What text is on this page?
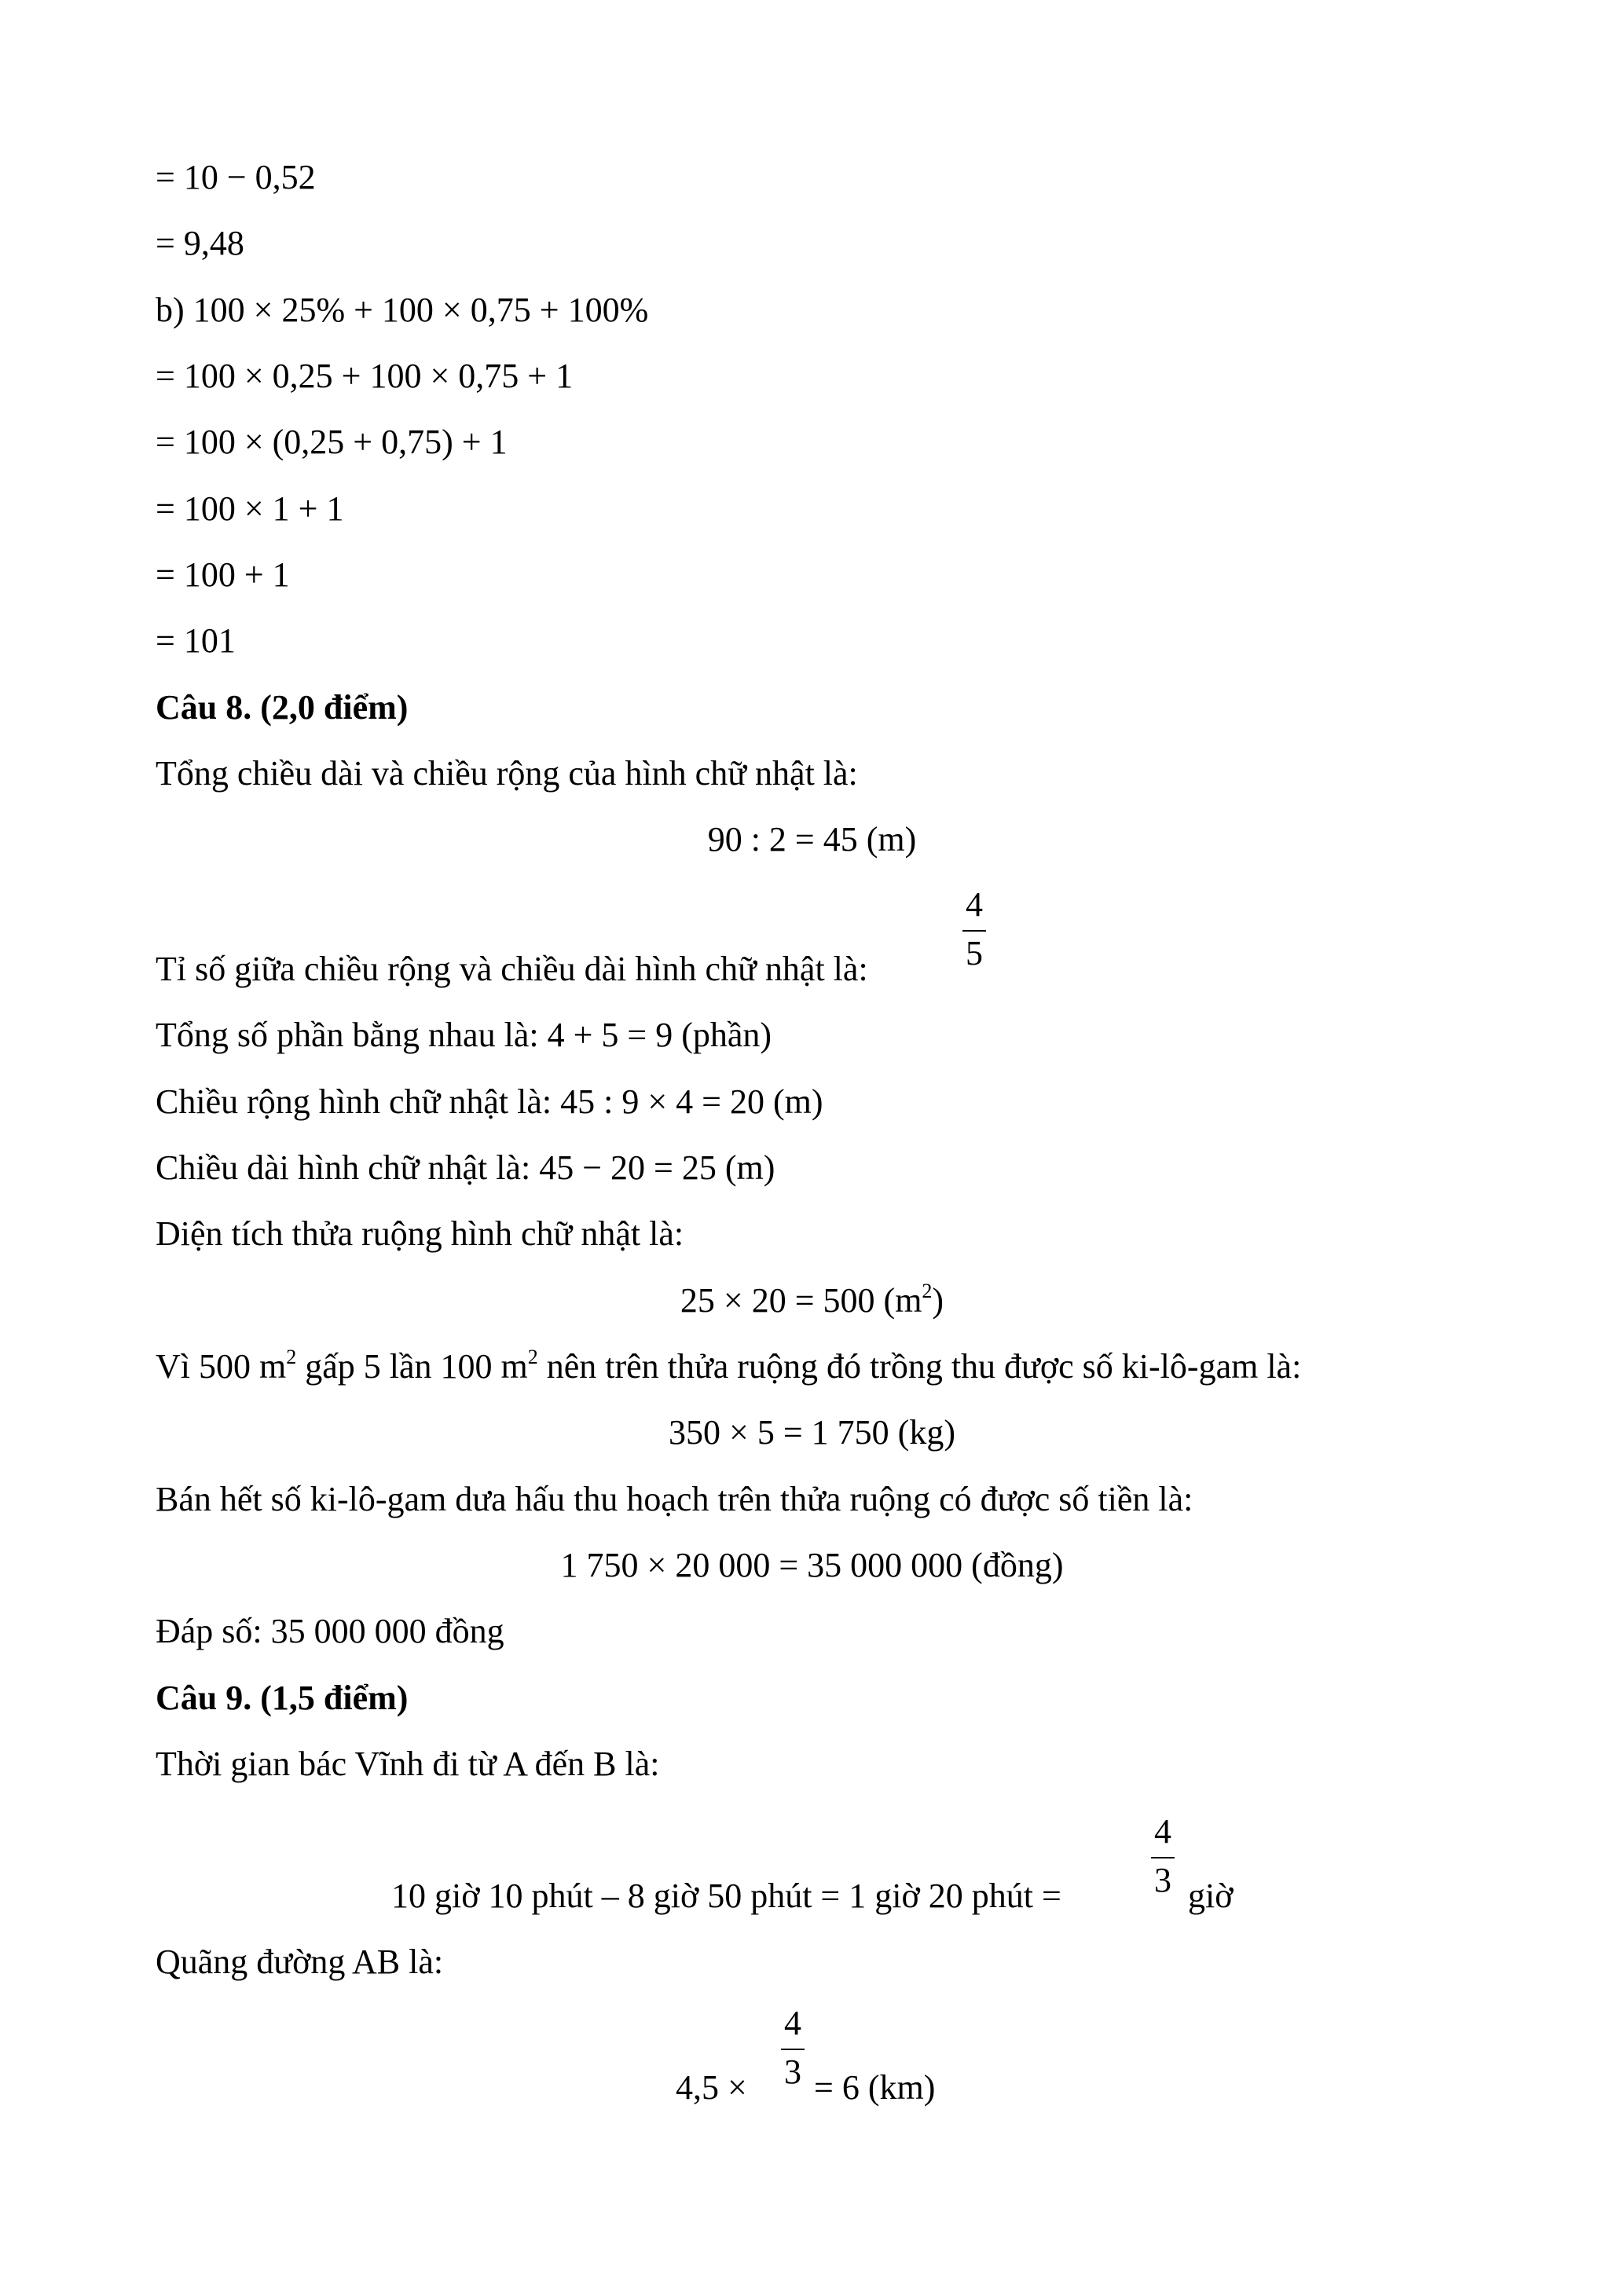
= 10 − 0,52
= 9,48
b) 100 × 25% + 100 × 0,75 + 100%
= 100 × 0,25 + 100 × 0,75 + 1
= 100 × (0,25 + 0,75) + 1
= 100 × 1 + 1
= 100 + 1
= 101
Câu 8. (2,0 điểm)
Tổng chiều dài và chiều rộng của hình chữ nhật là:
90 : 2 = 45 (m)
Tỉ số giữa chiều rộng và chiều dài hình chữ nhật là:
4
5
Tổng số phần bằng nhau là: 4 + 5 = 9 (phần)
Chiều rộng hình chữ nhật là: 45 : 9 × 4 = 20 (m)
Chiều dài hình chữ nhật là: 45 − 20 = 25 (m)
Diện tích thửa ruộng hình chữ nhật là:
25 × 20 = 500 $(m^2)$
Vì 500 $m^2$ gấp 5 lần 100 $m^2$ nên trên thửa ruộng đó trồng thu được số ki-lô-gam là:
350 × 5 = 1 750 (kg)
Bán hết số ki-lô-gam dưa hấu thu hoạch trên thửa ruộng có được số tiền là:
1 750 × 20 000 = 35 000 000 (đồng)
Đáp số: 35 000 000 đồng
Câu 9. (1,5 điểm)
Thời gian bác Vĩnh đi từ A đến B là:
10 giờ 10 phút – 8 giờ 50 phút = 1 giờ 20 phút =
4
3 giờ
Quãng đường AB là:
4,5 ×
4
3 = 6 (km)
